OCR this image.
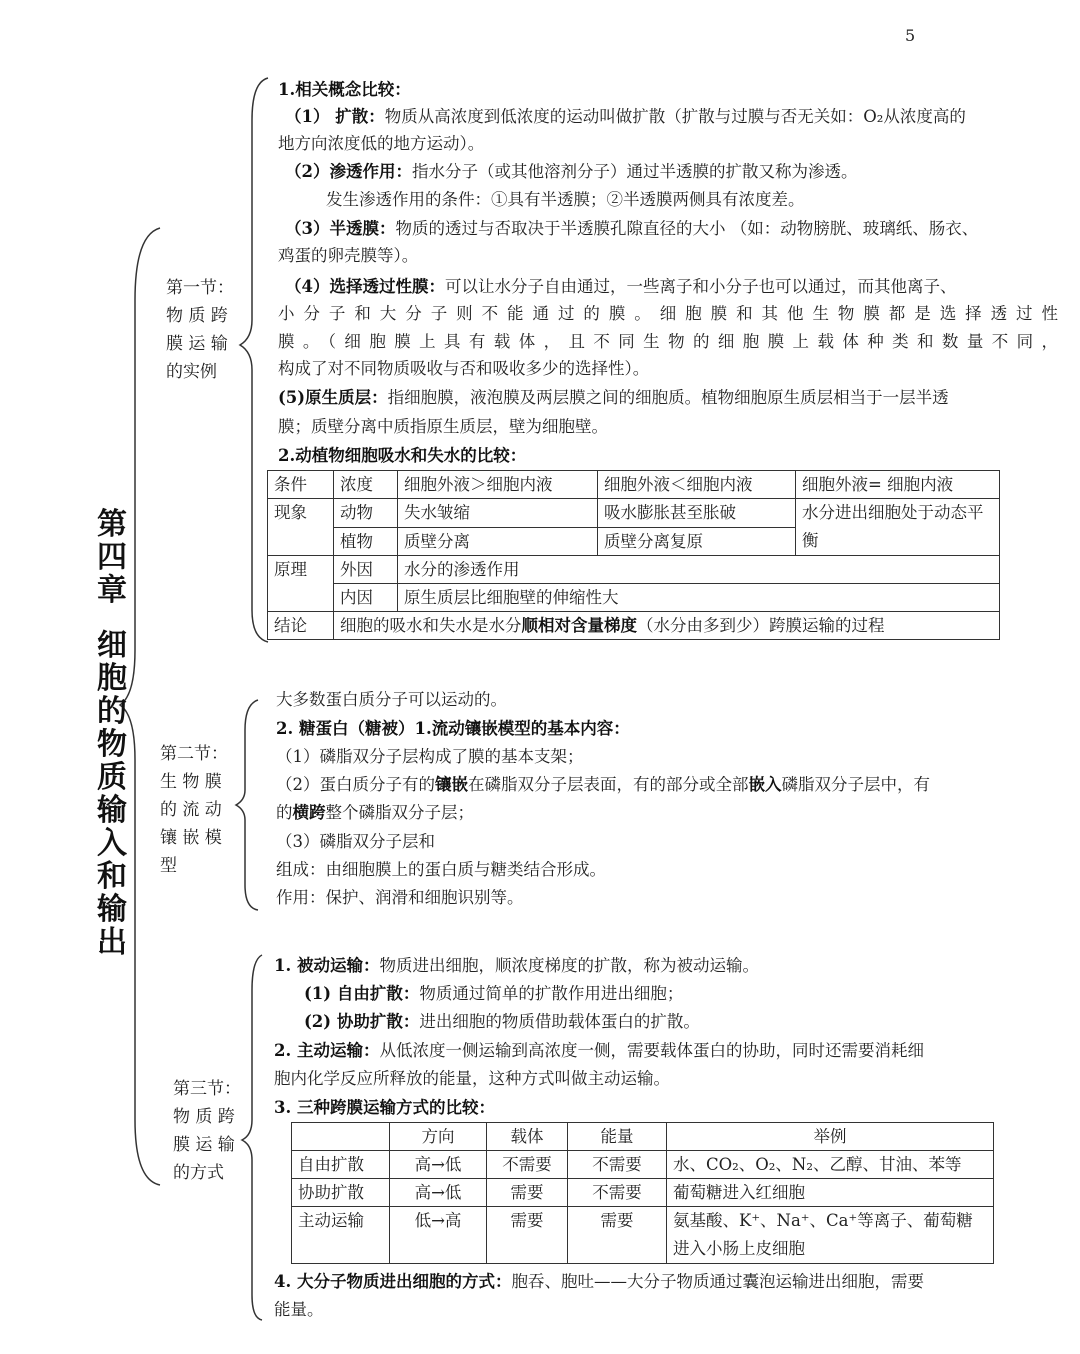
5
第
四
章
细
胞
的
物
质
输
入
和
输
出
第一节：
物 质 跨
膜 运 输
的实例
1.相关概念比较：
（1） 扩散：物质从高浓度到低浓度的运动叫做扩散（扩散与过膜与否无关如：O₂从浓度高的
地方向浓度低的地方运动）。
（2）渗透作用：指水分子（或其他溶剂分子）通过半透膜的扩散又称为渗透。
发生渗透作用的条件：①具有半透膜；②半透膜两侧具有浓度差。
（3）半透膜：物质的透过与否取决于半透膜孔隙直径的大小 （如：动物膀胱、玻璃纸、肠衣、
鸡蛋的卵壳膜等）。
（4）选择透过性膜：可以让水分子自由通过，一些离子和小分子也可以通过，而其他离子、
小分子和大分子则不能通过的膜。细胞膜和其他生物膜都是选择透过性
膜。（细胞膜上具有载体，且不同生物的细胞膜上载体种类和数量不同，
构成了对不同物质吸收与否和吸收多少的选择性）。
(5)原生质层：指细胞膜，液泡膜及两层膜之间的细胞质。植物细胞原生质层相当于一层半透
膜；质壁分离中质指原生质层，壁为细胞壁。
2.动植物细胞吸水和失水的比较：
条件	浓度	细胞外液＞细胞内液	细胞外液＜细胞内液	细胞外液= 细胞内液
现象	动物	失水皱缩	吸水膨胀甚至胀破	水分进出细胞处于动态平衡
	植物	质壁分离	质壁分离复原	
原理	外因	水分的渗透作用		
	内因	原生质层比细胞壁的伸缩性大		
结论	细胞的吸水和失水是水分顺相对含量梯度（水分由多到少）跨膜运输的过程			
第二节：
生 物 膜
的 流 动
镶 嵌 模
型
大多数蛋白质分子可以运动的。
2. 糖蛋白（糖被）1.流动镶嵌模型的基本内容：
（1）磷脂双分子层构成了膜的基本支架；
（2）蛋白质分子有的镶嵌在磷脂双分子层表面，有的部分或全部嵌入磷脂双分子层中，有
的横跨整个磷脂双分子层；
（3）磷脂双分子层和
组成：由细胞膜上的蛋白质与糖类结合形成。
作用：保护、润滑和细胞识别等。
第三节：
物 质 跨
膜 运 输
的方式
1. 被动运输：物质进出细胞，顺浓度梯度的扩散，称为被动运输。
(1) 自由扩散：物质通过简单的扩散作用进出细胞；
(2) 协助扩散：进出细胞的物质借助载体蛋白的扩散。
2. 主动运输：从低浓度一侧运输到高浓度一侧，需要载体蛋白的协助，同时还需要消耗细
胞内化学反应所释放的能量，这种方式叫做主动运输。
3. 三种跨膜运输方式的比较：
	方向	载体	能量	举例
自由扩散	高→低	不需要	不需要	水、CO₂、O₂、N₂、乙醇、甘油、苯等
协助扩散	高→低	需要	不需要	葡萄糖进入红细胞
主动运输	低→高	需要	需要	氨基酸、K⁺、Na⁺、Ca⁺等离子、葡萄糖进入小肠上皮细胞
4. 大分子物质进出细胞的方式：胞吞、胞吐——大分子物质通过囊泡运输进出细胞，需要
能量。
